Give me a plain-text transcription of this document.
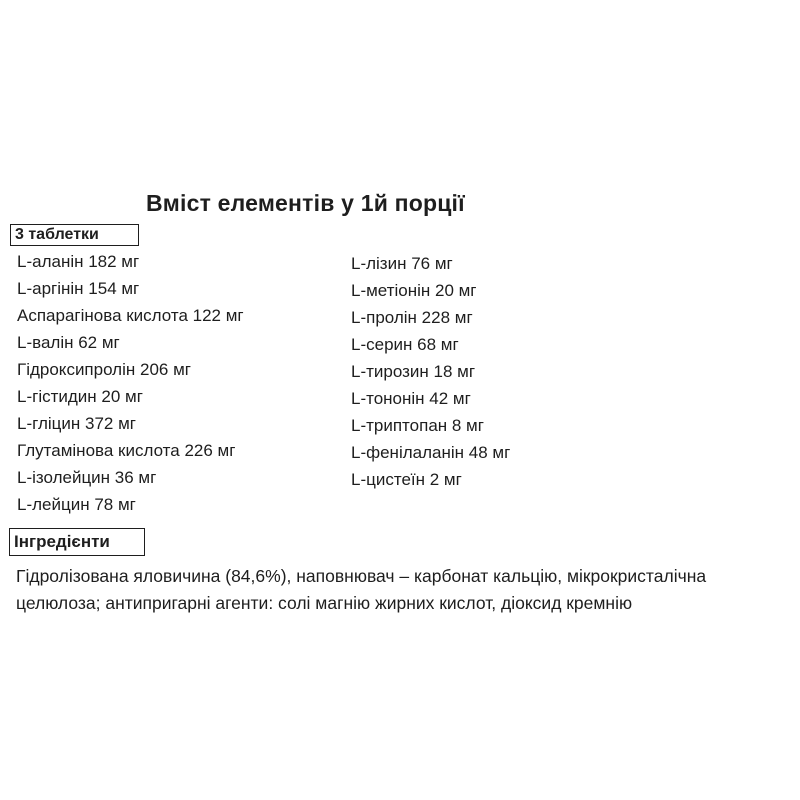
Вміст елементів у 1й порції
3 таблетки
L-аланін 182 мг
L-аргінін 154 мг
Аспарагінова кислота 122 мг
L-валін 62 мг
Гідроксипролін 206 мг
L-гістидин 20 мг
L-гліцин 372 мг
Глутамінова кислота 226 мг
L-ізолейцин 36 мг
L-лейцин 78 мг
L-лізин 76 мг
L-метіонін 20 мг
L-пролін 228 мг
L-серин 68 мг
L-тирозин 18 мг
L-тононін 42 мг
L-триптопан 8 мг
L-фенілаланін 48 мг
L-цистеїн 2 мг
Інгредієнти
Гідролізована яловичина (84,6%), наповнювач – карбонат кальцію, мікрокристалічна
целюлоза; антипригарні агенти: солі магнію жирних кислот, діоксид кремнію
